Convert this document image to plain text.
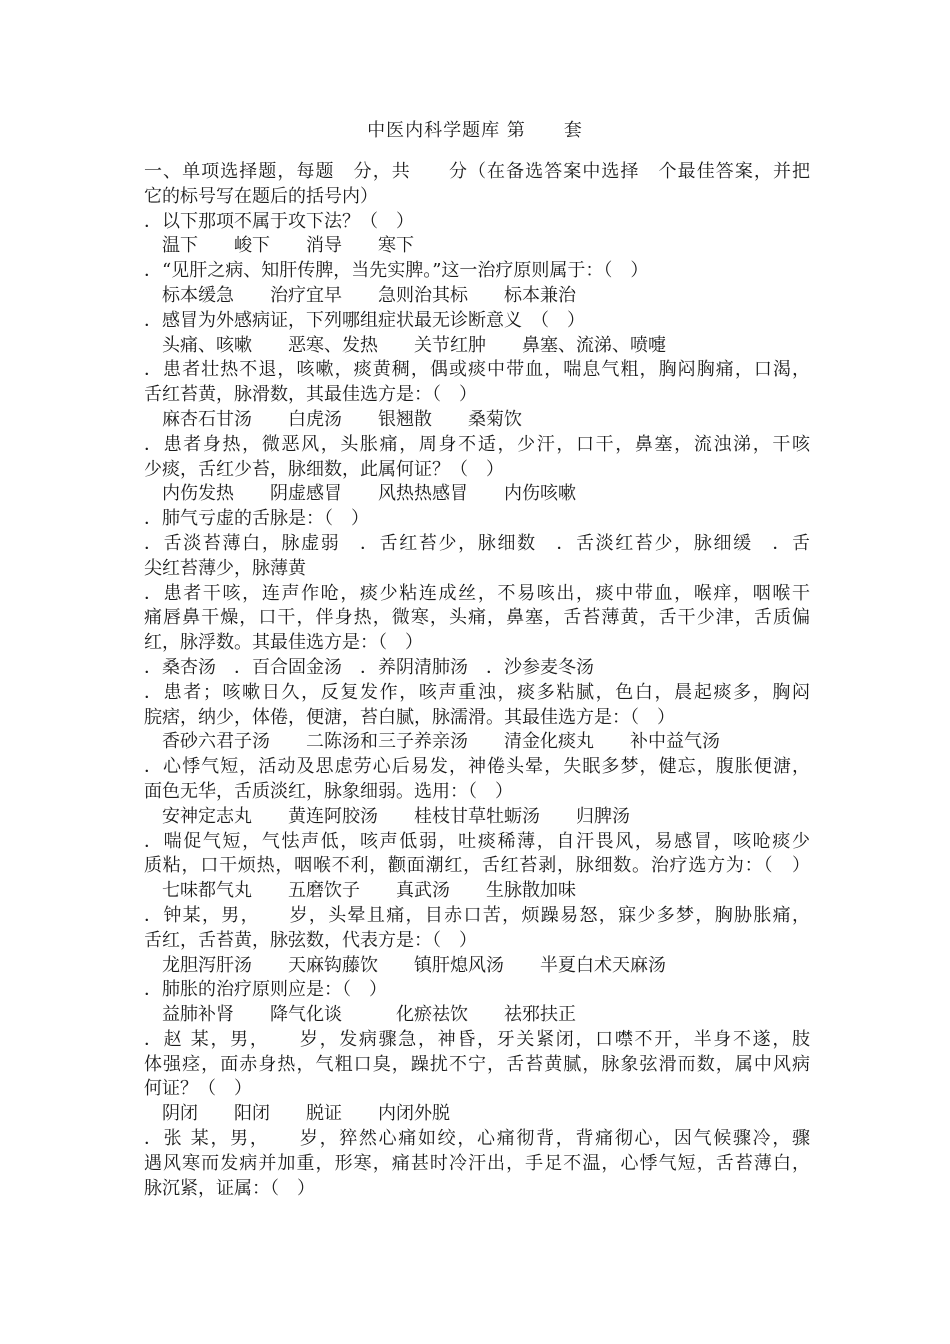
中医内科学题库 第　　套
一、单项选择题，每题　分，共　　分（在备选答案中选择　个最佳答案，并把
它的标号写在题后的括号内）
．以下那项不属于攻下法？（　）
　温下　　峻下　　消导　　寒下
．“见肝之病、知肝传脾，当先实脾。”这一治疗原则属于：（　）
　标本缓急　　治疗宜早　　急则治其标　　标本兼治
．感冒为外感病证，下列哪组症状最无诊断意义　（　）
　头痛、咳嗽　　恶寒、发热　　关节红肿　　鼻塞、流涕、喷嚏
．患者壮热不退，咳嗽，痰黄稠，偶或痰中带血，喘息气粗，胸闷胸痛，口渴，
舌红苔黄，脉滑数，其最佳选方是：（　）
　麻杏石甘汤　　白虎汤　　银翘散　　桑菊饮
．患者身热，微恶风，头胀痛，周身不适，少汗，口干，鼻塞，流浊涕，干咳
少痰，舌红少苔，脉细数，此属何证？（　）
　内伤发热　　阴虚感冒　　风热热感冒　　内伤咳嗽
．肺气亏虚的舌脉是：（　）
．舌淡苔薄白，脉虚弱　．舌红苔少，脉细数　．舌淡红苔少，脉细缓　．舌
尖红苔薄少，脉薄黄
．患者干咳，连声作呛，痰少粘连成丝，不易咳出，痰中带血，喉痒，咽喉干
痛唇鼻干燥，口干，伴身热，微寒，头痛，鼻塞，舌苔薄黄，舌干少津，舌质偏
红，脉浮数。其最佳选方是：（　）
．桑杏汤　．百合固金汤　．养阴清肺汤　．沙参麦冬汤
．患者；咳嗽日久，反复发作，咳声重浊，痰多粘腻，色白，晨起痰多，胸闷
脘痞，纳少，体倦，便溏，苔白腻，脉濡滑。其最佳选方是：（　）
　香砂六君子汤　　二陈汤和三子养亲汤　　清金化痰丸　　补中益气汤
．心悸气短，活动及思虑劳心后易发，神倦头晕，失眠多梦，健忘，腹胀便溏，
面色无华，舌质淡红，脉象细弱。选用：（　）
　安神定志丸　　黄连阿胶汤　　桂枝甘草牡蛎汤　　归脾汤
．喘促气短，气怯声低，咳声低弱，吐痰稀薄，自汗畏风，易感冒，咳呛痰少
质粘，口干烦热，咽喉不利，颧面潮红，舌红苔剥，脉细数。治疗选方为：（　）
　七味都气丸　　五磨饮子　　真武汤　　生脉散加味
．钟某，男，　　岁，头晕且痛，目赤口苦，烦躁易怒，寐少多梦，胸胁胀痛，
舌红，舌苔黄，脉弦数，代表方是：（　）
　龙胆泻肝汤　　天麻钩藤饮　　镇肝熄风汤　　半夏白术天麻汤
．肺胀的治疗原则应是：（　）
　益肺补肾　　降气化谈　　　化瘀祛饮　　祛邪扶正
．赵 某，男，　　岁，发病骤急，神昏，牙关紧闭，口噤不开，半身不遂，肢
体强痉，面赤身热，气粗口臭，躁扰不宁，舌苔黄腻，脉象弦滑而数，属中风病
何证？（　）
　阴闭　　阳闭　　脱证　　内闭外脱
．张 某，男，　　岁，猝然心痛如绞，心痛彻背，背痛彻心，因气候骤冷，骤
遇风寒而发病并加重，形寒，痛甚时冷汗出，手足不温，心悸气短，舌苔薄白，
脉沉紧，证属：（　）
